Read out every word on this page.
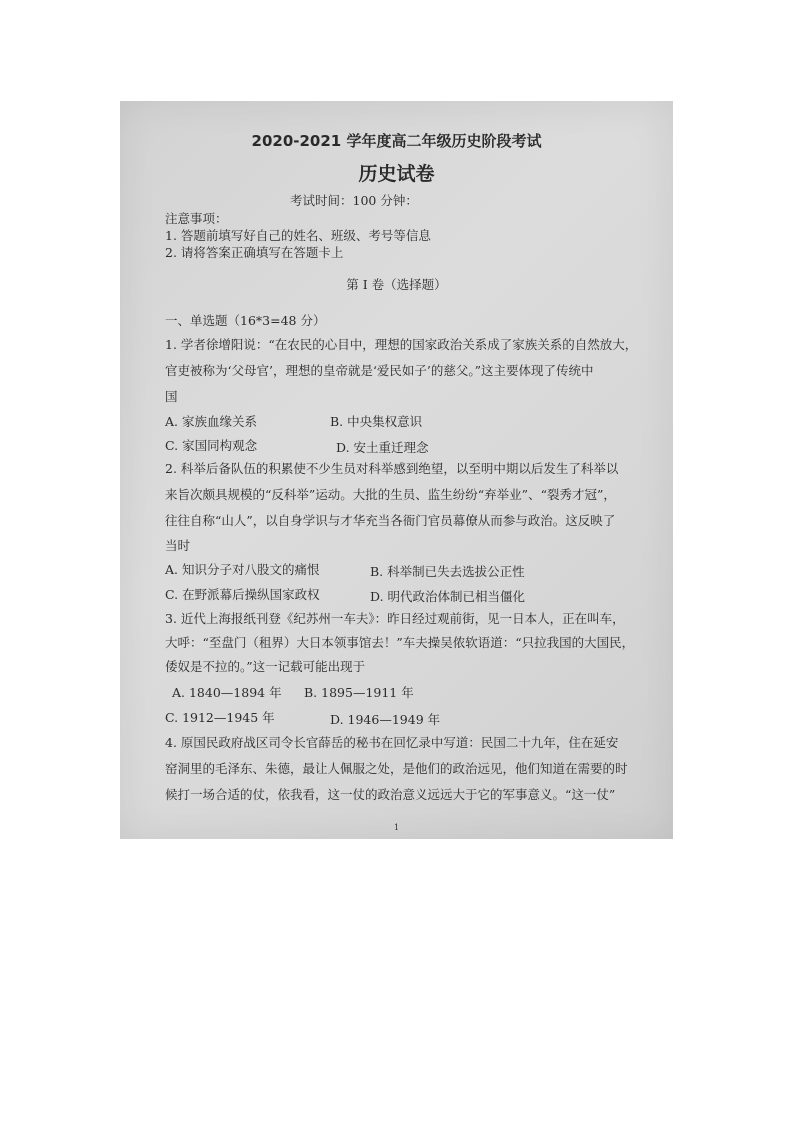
2020-2021 学年度高二年级历史阶段考试
历史试卷
考试时间：100 分钟：
注意事项：
1. 答题前填写好自己的姓名、班级、考号等信息
2. 请将答案正确填写在答题卡上
第 I 卷（选择题）
一、单选题（16*3=48 分）
1. 学者徐增阳说：“在农民的心目中，理想的国家政治关系成了家族关系的自然放大，
官吏被称为‘父母官’，理想的皇帝就是‘爱民如子’的慈父。”这主要体现了传统中
国
A. 家族血缘关系	B. 中央集权意识
C. 家国同构观念	D. 安土重迁理念
2. 科举后备队伍的积累使不少生员对科举感到绝望，以至明中期以后发生了科举以
来旨次颇具规模的“反科举”运动。大批的生员、监生纷纷“弃举业”、“裂秀才冠”，
往往自称“山人”，以自身学识与才华充当各衙门官员幕僚从而参与政治。这反映了
当时
A. 知识分子对八股文的痛恨	B. 科举制已失去选拔公正性
C. 在野派幕后操纵国家政权	D. 明代政治体制已相当僵化
3. 近代上海报纸刊登《纪苏州一车夫》：昨日经过观前街，见一日本人，正在叫车，
大呼：“至盘门（租界）大日本领事馆去！”车夫操吴侬软语道：“只拉我国的大国民，
倭奴是不拉的。”这一记载可能出现于
A. 1840—1894 年 B. 1895—1911 年
C. 1912—1945 年	D. 1946—1949 年
4. 原国民政府战区司令长官薛岳的秘书在回忆录中写道：民国二十九年，住在延安
窑洞里的毛泽东、朱德，最让人佩服之处，是他们的政治远见，他们知道在需要的时
候打一场合适的仗，依我看，这一仗的政治意义远远大于它的军事意义。“这一仗”
1
